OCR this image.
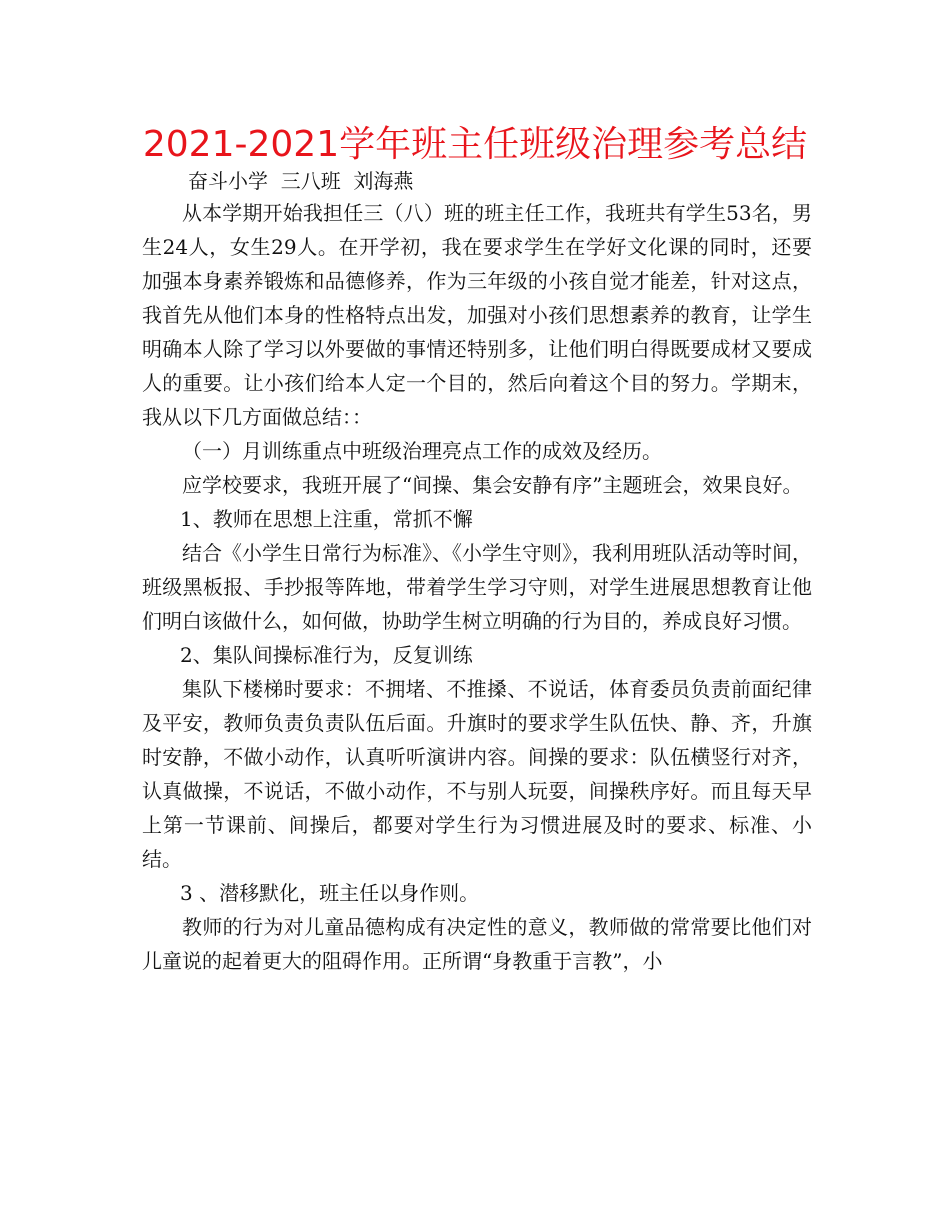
2021-2021学年班主任班级治理参考总结
奋斗小学  三八班  刘海燕

从本学期开始我担任三（八）班的班主任工作，我班共有学生53名，男生24人，女生29人。在开学初，我在要求学生在学好文化课的同时，还要加强本身素养锻炼和品德修养，作为三年级的小孩自觉才能差，针对这点，我首先从他们本身的性格特点出发，加强对小孩们思想素养的教育，让学生明确本人除了学习以外要做的事情还特别多，让他们明白得既要成材又要成人的重要。让小孩们给本人定一个目的，然后向着这个目的努力。学期末，我从以下几方面做总结：：

（一）月训练重点中班级治理亮点工作的成效及经历。

应学校要求，我班开展了“间操、集会安静有序”主题班会，效果良好。

1、教师在思想上注重，常抓不懈

结合《小学生日常行为标准》、《小学生守则》，我利用班队活动等时间，班级黑板报、手抄报等阵地，带着学生学习守则，对学生进展思想教育让他们明白该做什么，如何做，协助学生树立明确的行为目的，养成良好习惯。

2、集队间操标准行为，反复训练

集队下楼梯时要求：不拥堵、不推搡、不说话，体育委员负责前面纪律及平安，教师负责负责队伍后面。升旗时的要求学生队伍快、静、齐，升旗时安静，不做小动作，认真听听演讲内容。间操的要求：队伍横竖行对齐，认真做操，不说话，不做小动作，不与别人玩耍，间操秩序好。而且每天早上第一节课前、间操后，都要对学生行为习惯进展及时的要求、标准、小结。

3 、潜移默化，班主任以身作则。

教师的行为对儿童品德构成有决定性的意义，教师做的常常要比他们对儿童说的起着更大的阻碍作用。正所谓“身教重于言教”，小
